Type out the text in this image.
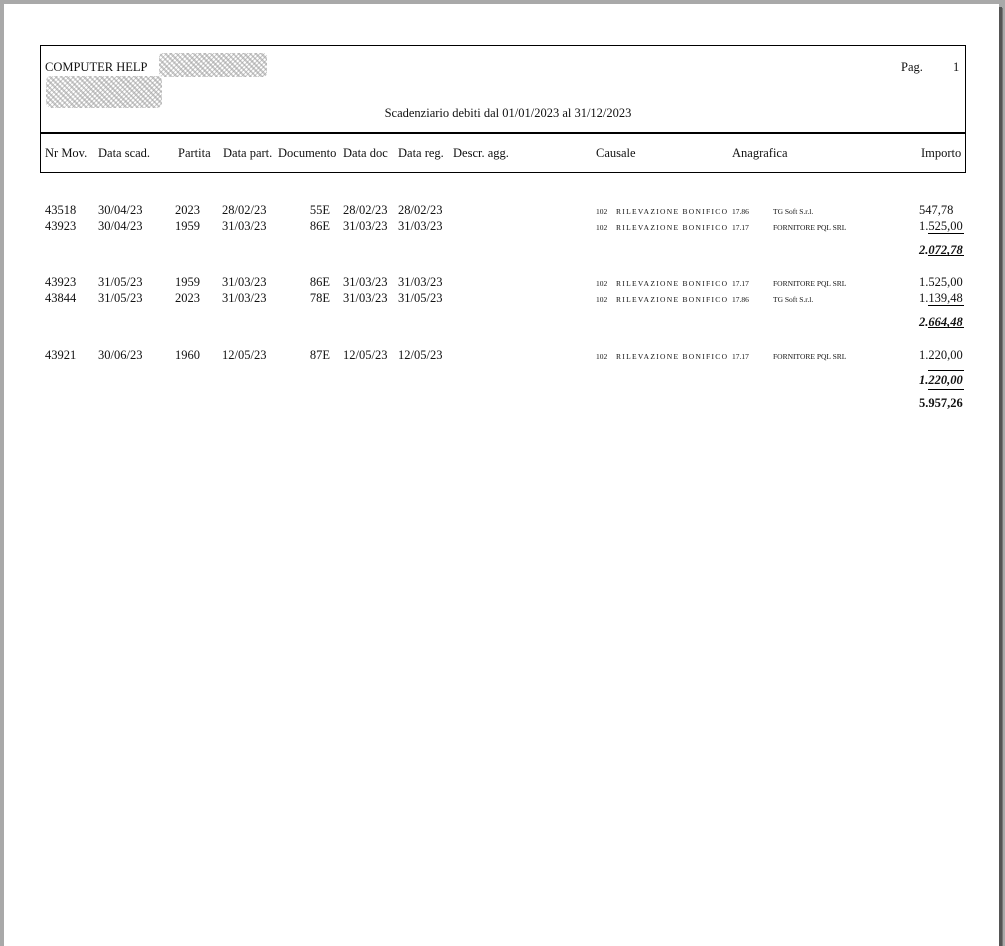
COMPUTER HELP	Pag. 1
Scadenziario debiti dal 01/01/2023 al 31/12/2023
Nr Mov. Data scad. Partita Data part. Documento Data doc Data reg. Descr. agg.	Causale	Anagrafica	Importo
43518 30/04/23	2023 28/02/23	55E 28/02/23 28/02/23	102 RILEVAZIONE BONIFICO 17.86	TG Soft S.r.l.	547,78
43923 30/04/23	1959 31/03/23	86E 31/03/23 31/03/23	102 RILEVAZIONE BONIFICO 17.17	FORNITORE PQL SRL	1.525,00
2.072,78
43923 31/05/23	1959 31/03/23	86E 31/03/23 31/03/23	102 RILEVAZIONE BONIFICO 17.17	FORNITORE PQL SRL	1.525,00
43844 31/05/23	2023 31/03/23	78E 31/03/23 31/05/23	102 RILEVAZIONE BONIFICO 17.86	TG Soft S.r.l.	1.139,48
2.664,48
43921 30/06/23	1960 12/05/23	87E 12/05/23 12/05/23	102 RILEVAZIONE BONIFICO 17.17	FORNITORE PQL SRL	1.220,00
1.220,00
5.957,26
